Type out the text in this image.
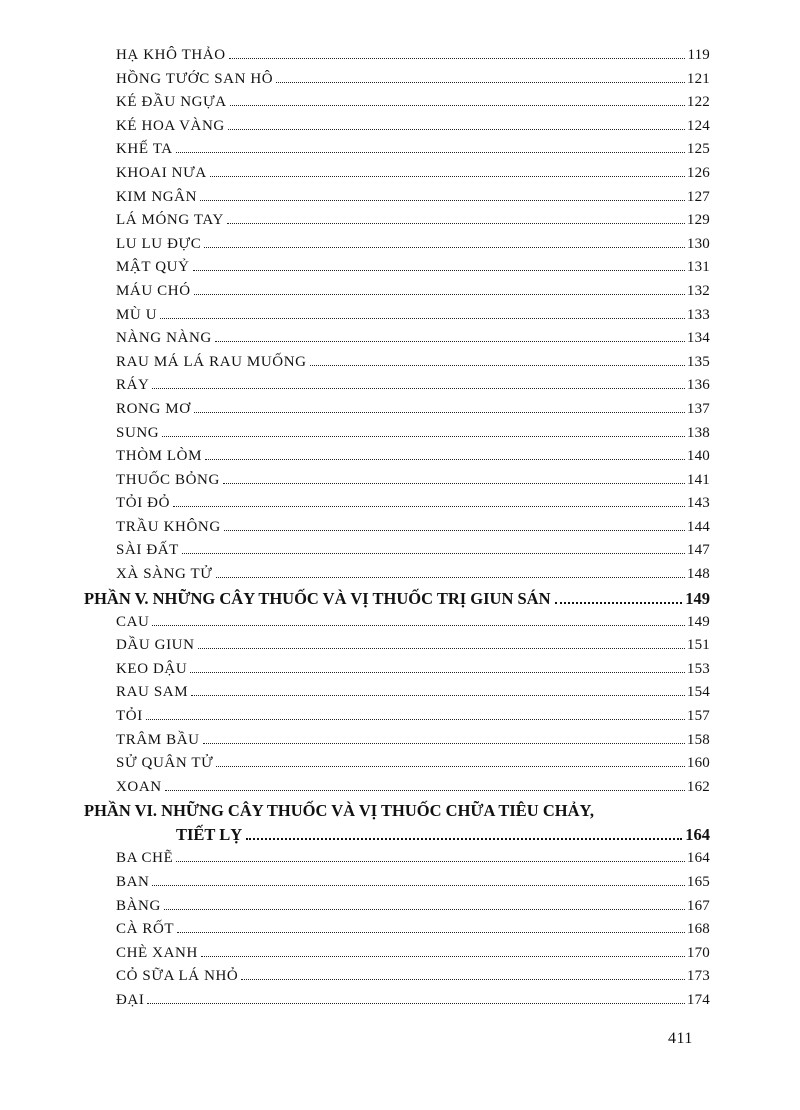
HẠ KHÔ THẢO	119
HỒNG TƯỚC SAN HÔ	121
KÉ ĐẦU NGỰA	122
KÉ HOA VÀNG	124
KHẾ TA	125
KHOAI NƯA	126
KIM NGÂN	127
LÁ MÓNG TAY	129
LU LU ĐỰC	130
MẬT QUỶ	131
MÁU CHÓ	132
MÙ U	133
NÀNG NÀNG	134
RAU MÁ LÁ RAU MUỐNG	135
RÁY	136
RONG MƠ	137
SUNG	138
THÒM LÒM	140
THUỐC BỎNG	141
TỎI ĐỎ	143
TRẦU KHÔNG	144
SÀI ĐẤT	147
XÀ SÀNG TỬ	148
PHẦN V. NHỮNG CÂY THUỐC VÀ VỊ THUỐC TRỊ GIUN SÁN	149
CAU	149
DẦU GIUN	151
KEO DẬU	153
RAU SAM	154
TỎI	157
TRÂM BẦU	158
SỬ QUÂN TỬ	160
XOAN	162
PHẦN VI. NHỮNG CÂY THUỐC VÀ VỊ THUỐC CHỮA TIÊU CHẢY,
TIẾT LỴ	164
BA CHẼ	164
BAN	165
BÀNG	167
CÀ RỐT	168
CHÈ XANH	170
CỎ SỮA LÁ NHỎ	173
ĐẠI	174
411
